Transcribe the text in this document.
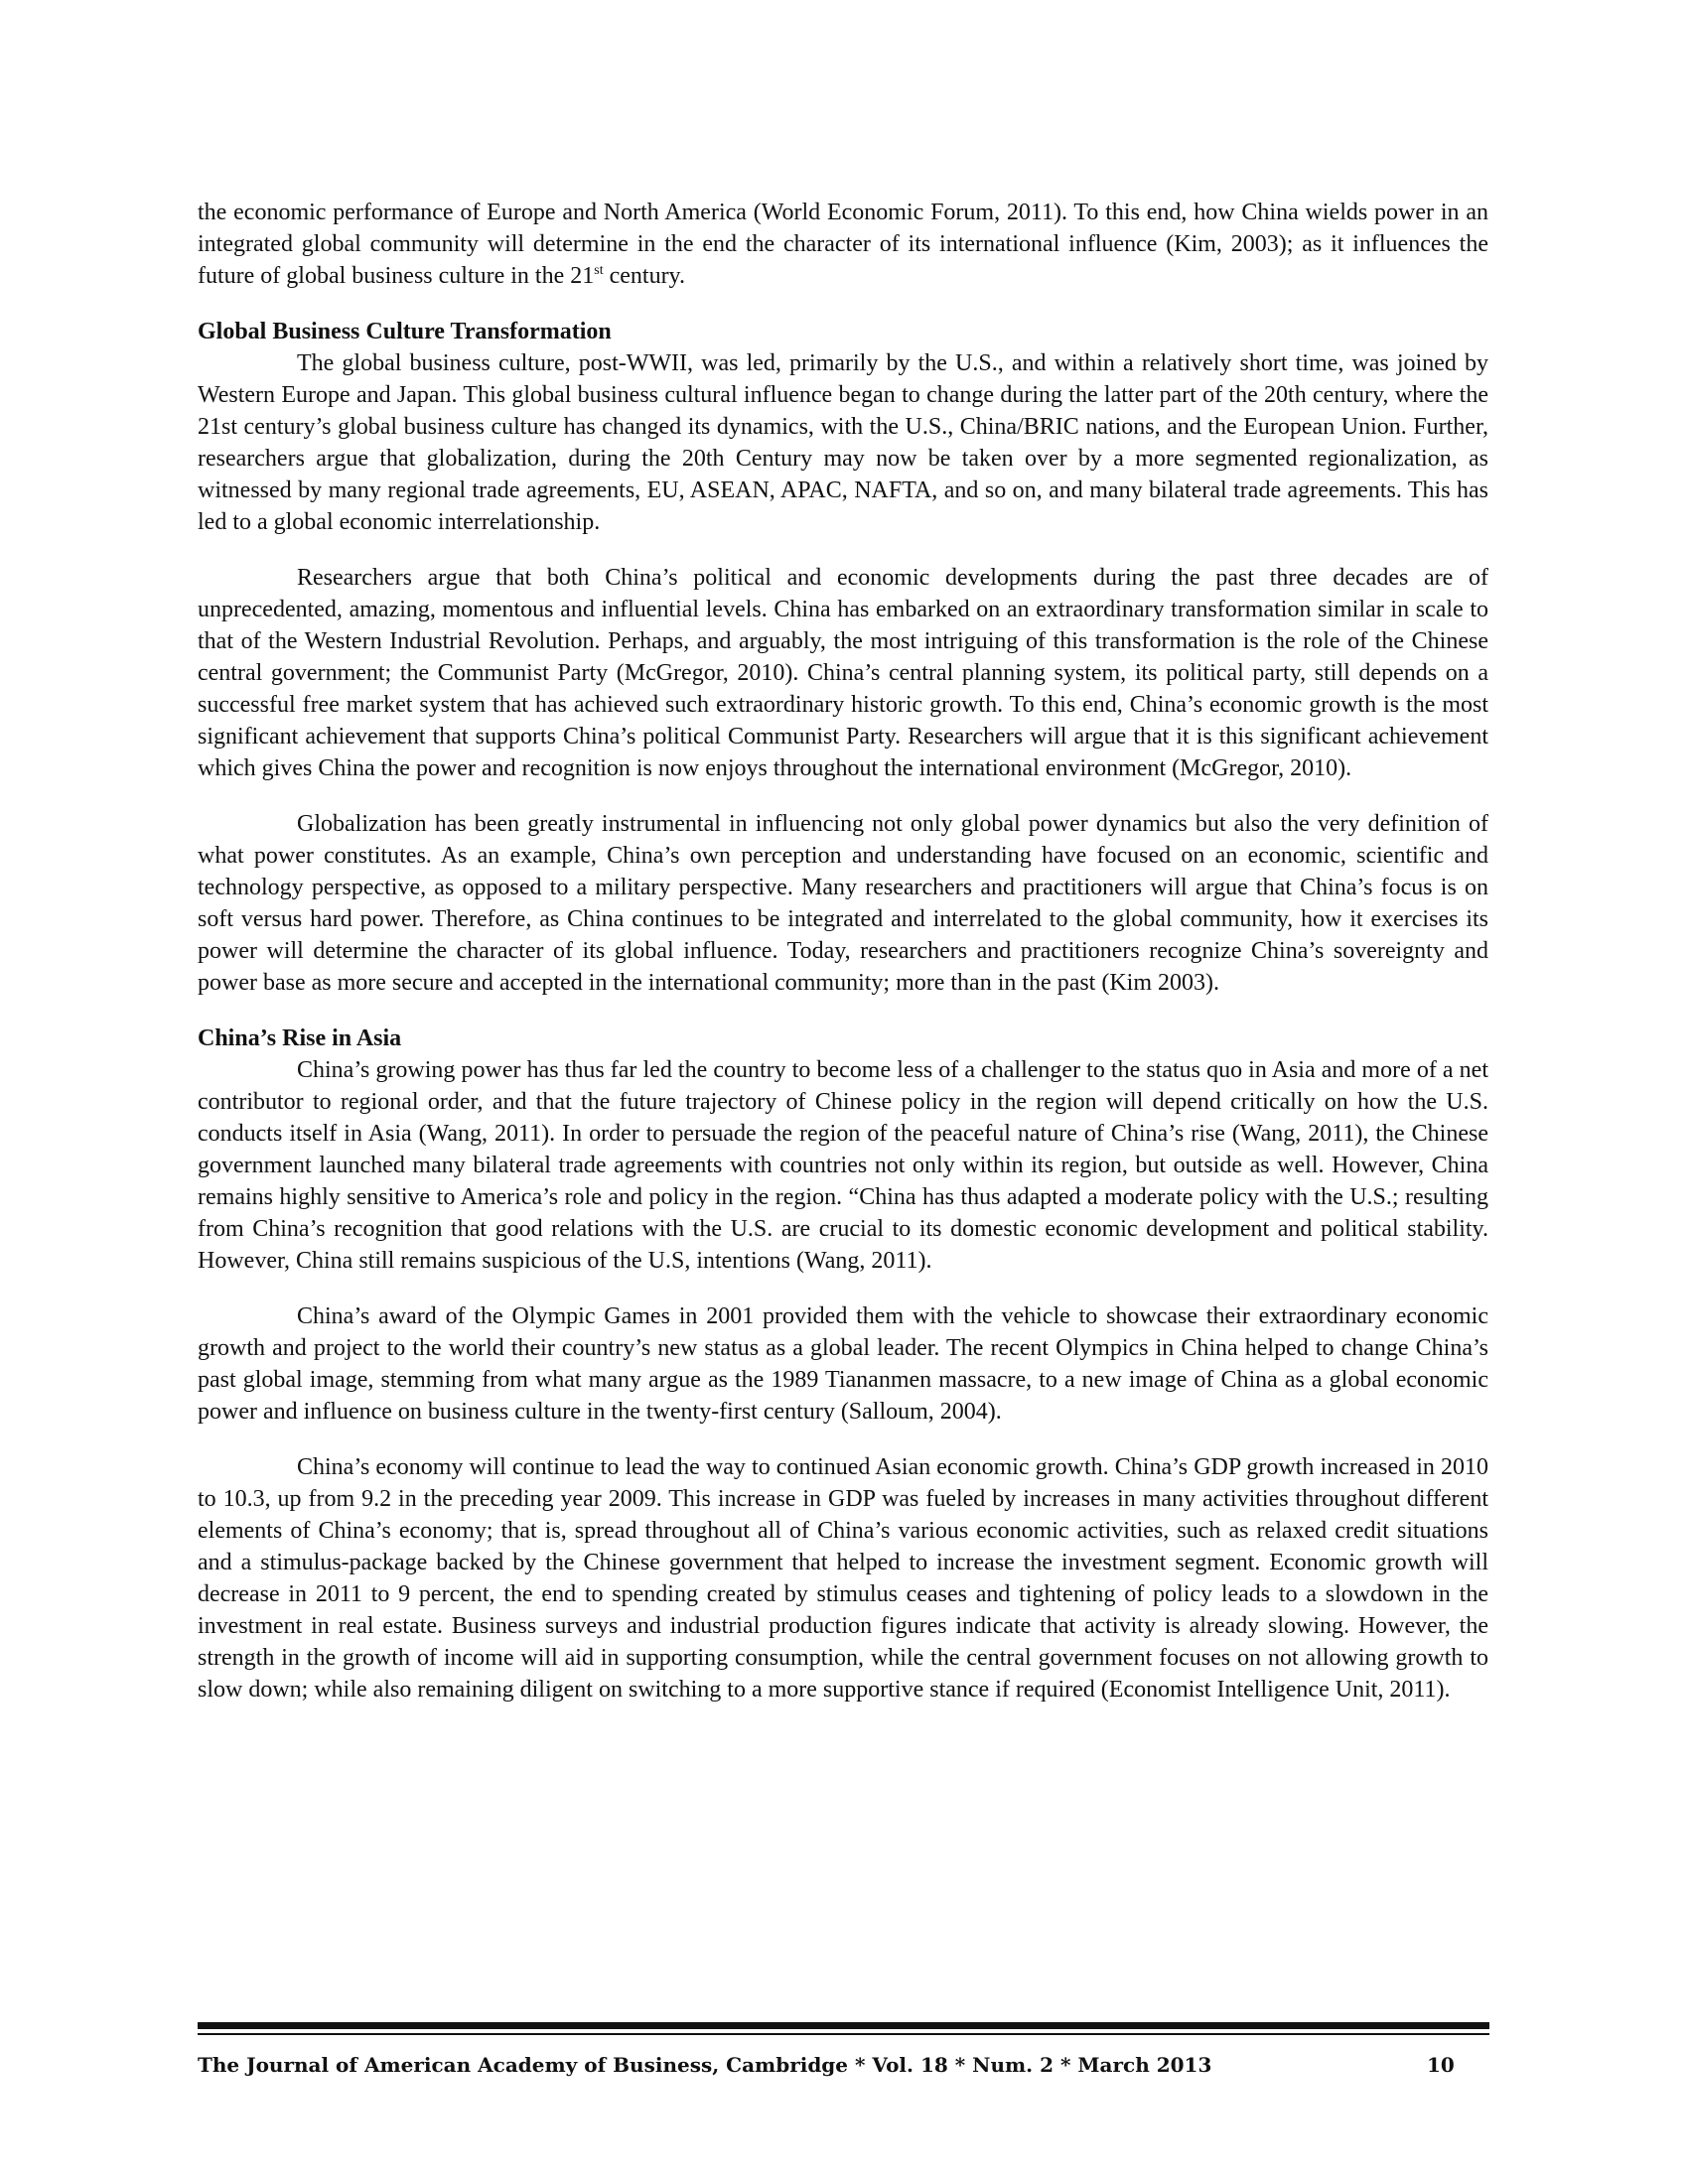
the economic performance of Europe and North America (World Economic Forum, 2011). To this end, how China wields power in an integrated global community will determine in the end the character of its international influence (Kim, 2003); as it influences the future of global business culture in the 21st century.

Global Business Culture Transformation

The global business culture, post-WWII, was led, primarily by the U.S., and within a relatively short time, was joined by Western Europe and Japan. This global business cultural influence began to change during the latter part of the 20th century, where the 21st century’s global business culture has changed its dynamics, with the U.S., China/BRIC nations, and the European Union. Further, researchers argue that globalization, during the 20th Century may now be taken over by a more segmented regionalization, as witnessed by many regional trade agreements, EU, ASEAN, APAC, NAFTA, and so on, and many bilateral trade agreements. This has led to a global economic interrelationship.

Researchers argue that both China’s political and economic developments during the past three decades are of unprecedented, amazing, momentous and influential levels. China has embarked on an extraordinary transformation similar in scale to that of the Western Industrial Revolution. Perhaps, and arguably, the most intriguing of this transformation is the role of the Chinese central government; the Communist Party (McGregor, 2010). China’s central planning system, its political party, still depends on a successful free market system that has achieved such extraordinary historic growth. To this end, China’s economic growth is the most significant achievement that supports China’s political Communist Party. Researchers will argue that it is this significant achievement which gives China the power and recognition is now enjoys throughout the international environment (McGregor, 2010).

Globalization has been greatly instrumental in influencing not only global power dynamics but also the very definition of what power constitutes. As an example, China’s own perception and understanding have focused on an economic, scientific and technology perspective, as opposed to a military perspective. Many researchers and practitioners will argue that China’s focus is on soft versus hard power. Therefore, as China continues to be integrated and interrelated to the global community, how it exercises its power will determine the character of its global influence. Today, researchers and practitioners recognize China’s sovereignty and power base as more secure and accepted in the international community; more than in the past (Kim 2003).

China’s Rise in Asia

China’s growing power has thus far led the country to become less of a challenger to the status quo in Asia and more of a net contributor to regional order, and that the future trajectory of Chinese policy in the region will depend critically on how the U.S. conducts itself in Asia (Wang, 2011). In order to persuade the region of the peaceful nature of China’s rise (Wang, 2011), the Chinese government launched many bilateral trade agreements with countries not only within its region, but outside as well. However, China remains highly sensitive to America’s role and policy in the region. “China has thus adapted a moderate policy with the U.S.; resulting from China’s recognition that good relations with the U.S. are crucial to its domestic economic development and political stability. However, China still remains suspicious of the U.S, intentions (Wang, 2011).

China’s award of the Olympic Games in 2001 provided them with the vehicle to showcase their extraordinary economic growth and project to the world their country’s new status as a global leader. The recent Olympics in China helped to change China’s past global image, stemming from what many argue as the 1989 Tiananmen massacre, to a new image of China as a global economic power and influence on business culture in the twenty-first century (Salloum, 2004).

China’s economy will continue to lead the way to continued Asian economic growth. China’s GDP growth increased in 2010 to 10.3, up from 9.2 in the preceding year 2009. This increase in GDP was fueled by increases in many activities throughout different elements of China’s economy; that is, spread throughout all of China’s various economic activities, such as relaxed credit situations and a stimulus-package backed by the Chinese government that helped to increase the investment segment. Economic growth will decrease in 2011 to 9 percent, the end to spending created by stimulus ceases and tightening of policy leads to a slowdown in the investment in real estate. Business surveys and industrial production figures indicate that activity is already slowing. However, the strength in the growth of income will aid in supporting consumption, while the central government focuses on not allowing growth to slow down; while also remaining diligent on switching to a more supportive stance if required (Economist Intelligence Unit, 2011).

The Journal of American Academy of Business, Cambridge * Vol. 18 * Num. 2 * March 2013	10
